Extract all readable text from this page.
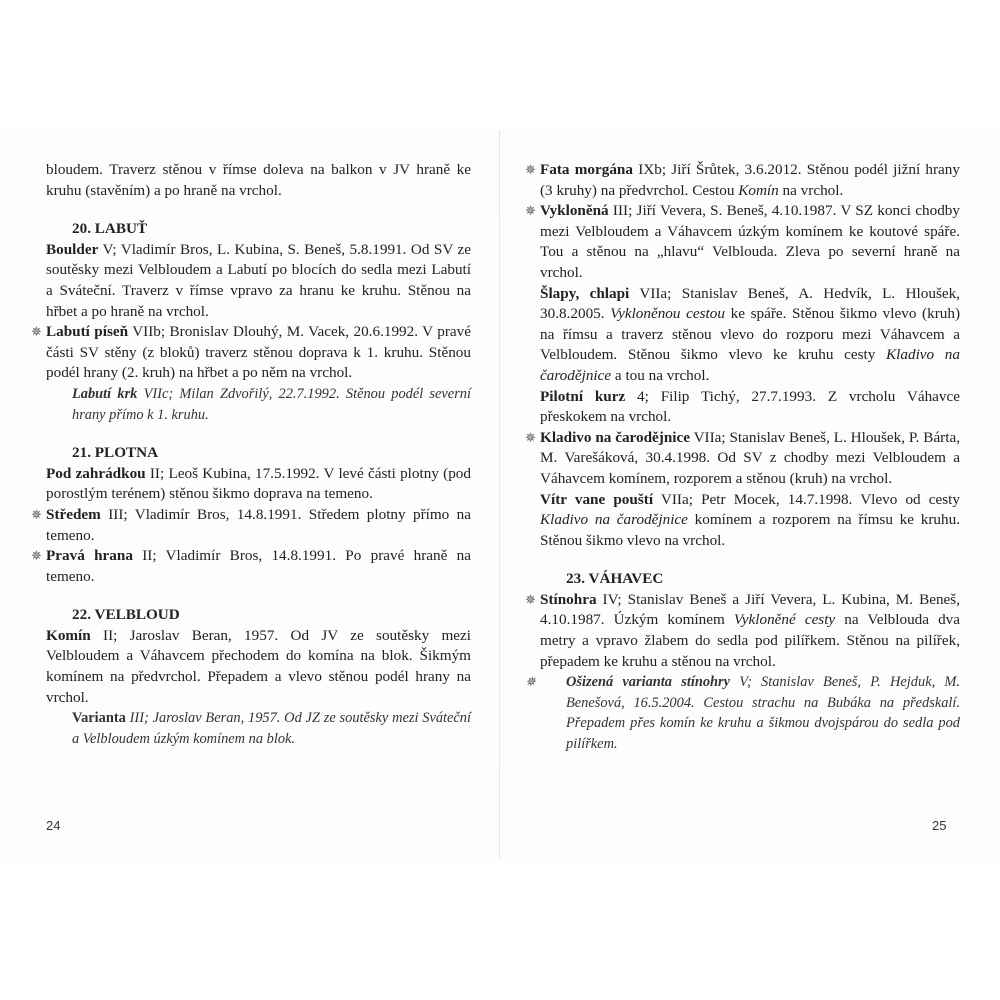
bloudem. Traverz stěnou v římse doleva na balkon v JV hraně ke kruhu (stavěním) a po hraně na vrchol.

20. LABUŤ

Boulder V; Vladimír Bros, L. Kubina, S. Beneš, 5.8.1991. Od SV ze soutěsky mezi Velbloudem a Labutí po blocích do sedla mezi Labutí a Sváteční. Traverz v římse vpravo za hranu ke kruhu. Stěnou na hřbet a po hraně na vrchol.

✵ Labutí píseň VIIb; Bronislav Dlouhý, M. Vacek, 20.6.1992. V pravé části SV stěny (z bloků) traverz stěnou doprava k 1. kruhu. Stěnou podél hrany (2. kruh) na hřbet a po něm na vrchol.

Labutí krk VIIc; Milan Zdvořilý, 22.7.1992. Stěnou podél severní hrany přímo k 1. kruhu.

21. PLOTNA

Pod zahrádkou II; Leoš Kubina, 17.5.1992. V levé části plotny (pod porostlým terénem) stěnou šikmo doprava na temeno.

✵ Středem III; Vladimír Bros, 14.8.1991. Středem plotny přímo na temeno.

✵ Pravá hrana II; Vladimír Bros, 14.8.1991. Po pravé hraně na temeno.

22. VELBLOUD

Komín II; Jaroslav Beran, 1957. Od JV ze soutěsky mezi Velbloudem a Váhavcem přechodem do komína na blok. Šikmým komínem na předvrchol. Přepadem a vlevo stěnou podél hrany na vrchol.

Varianta III; Jaroslav Beran, 1957. Od JZ ze soutěsky mezi Sváteční a Velbloudem úzkým komínem na blok.

24

✵ Fata morgána IXb; Jiří Šrůtek, 3.6.2012. Stěnou podél jižní hrany (3 kruhy) na předvrchol. Cestou Komín na vrchol.

✵ Vykloněná III; Jiří Vevera, S. Beneš, 4.10.1987. V SZ konci chodby mezi Velbloudem a Váhavcem úzkým komínem ke koutové spáře. Tou a stěnou na „hlavu“ Velblouda. Zleva po severní hraně na vrchol.

Šlapy, chlapi VIIa; Stanislav Beneš, A. Hedvík, L. Hloušek, 30.8.2005. Vykloněnou cestou ke spáře. Stěnou šikmo vlevo (kruh) na římsu a traverz stěnou vlevo do rozporu mezi Váhavcem a Velbloudem. Stěnou šikmo vlevo ke kruhu cesty Kladivo na čarodějnice a tou na vrchol.

Pilotní kurz 4; Filip Tichý, 27.7.1993. Z vrcholu Váhavce přeskokem na vrchol.

✵ Kladivo na čarodějnice VIIa; Stanislav Beneš, L. Hloušek, P. Bárta, M. Varešáková, 30.4.1998. Od SV z chodby mezi Velbloudem a Váhavcem komínem, rozporem a stěnou (kruh) na vrchol.

Vítr vane pouští VIIa; Petr Mocek, 14.7.1998. Vlevo od cesty Kladivo na čarodějnice komínem a rozporem na římsu ke kruhu. Stěnou šikmo vlevo na vrchol.

23. VÁHAVEC

✵ Stínohra IV; Stanislav Beneš a Jiří Vevera, L. Kubina, M. Beneš, 4.10.1987. Úzkým komínem Vykloněné cesty na Velblouda dva metry a vpravo žlabem do sedla pod pilířkem. Stěnou na pilířek, přepadem ke kruhu a stěnou na vrchol.

✵ Ošizená varianta stínohry V; Stanislav Beneš, P. Hejduk, M. Benešová, 16.5.2004. Cestou strachu na Bubáka na předskalí. Přepadem přes komín ke kruhu a šikmou dvojspárou do sedla pod pilířkem.

25
